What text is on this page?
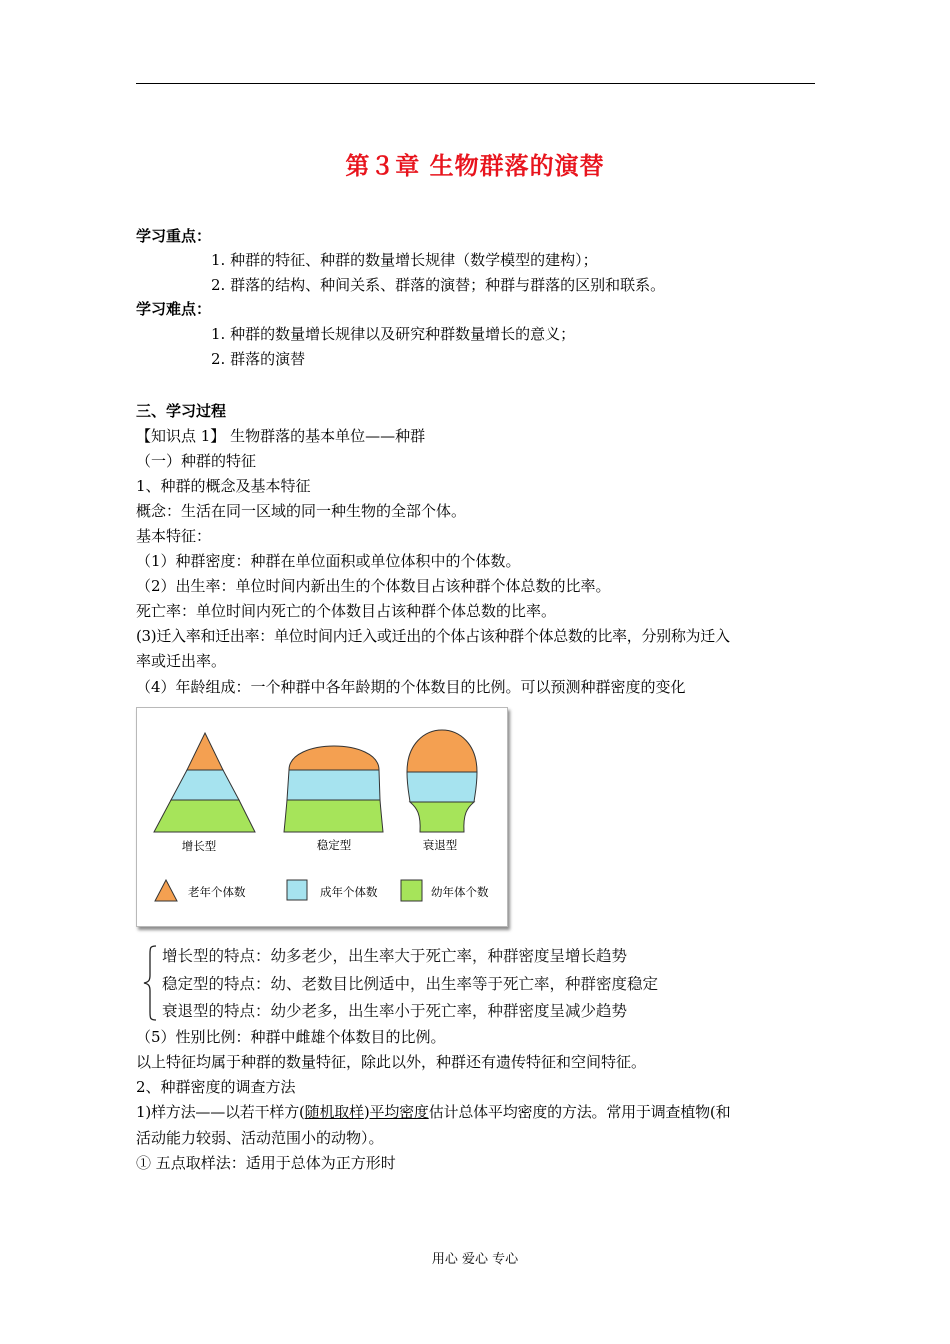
第３章 生物群落的演替
学习重点：
1. 种群的特征、种群的数量增长规律（数学模型的建构）；
2. 群落的结构、种间关系、群落的演替；种群与群落的区别和联系。
学习难点：
1. 种群的数量增长规律以及研究种群数量增长的意义；
2. 群落的演替
三、学习过程
【知识点 1】 生物群落的基本单位——种群
（一）种群的特征
1、种群的概念及基本特征
概念：生活在同一区域的同一种生物的全部个体。
基本特征：
（1）种群密度：种群在单位面积或单位体积中的个体数。
（2）出生率：单位时间内新出生的个体数目占该种群个体总数的比率。
死亡率：单位时间内死亡的个体数目占该种群个体总数的比率。
(3)迁入率和迁出率：单位时间内迁入或迁出的个体占该种群个体总数的比率，分别称为迁入
率或迁出率。
（4）年龄组成：一个种群中各年龄期的个体数目的比例。可以预测种群密度的变化
增长型	稳定型	衰退型
老年个体数	成年个体数	幼年体个数
增长型的特点：幼多老少，出生率大于死亡率，种群密度呈增长趋势
稳定型的特点：幼、老数目比例适中，出生率等于死亡率，种群密度稳定
衰退型的特点：幼少老多，出生率小于死亡率，种群密度呈减少趋势
（5）性别比例：种群中雌雄个体数目的比例。
以上特征均属于种群的数量特征，除此以外，种群还有遗传特征和空间特征。
2、种群密度的调查方法
1)样方法——以若干样方(随机取样)平均密度估计总体平均密度的方法。常用于调查植物(和
活动能力较弱、活动范围小的动物）。
① 五点取样法：适用于总体为正方形时
用心 爱心 专心
